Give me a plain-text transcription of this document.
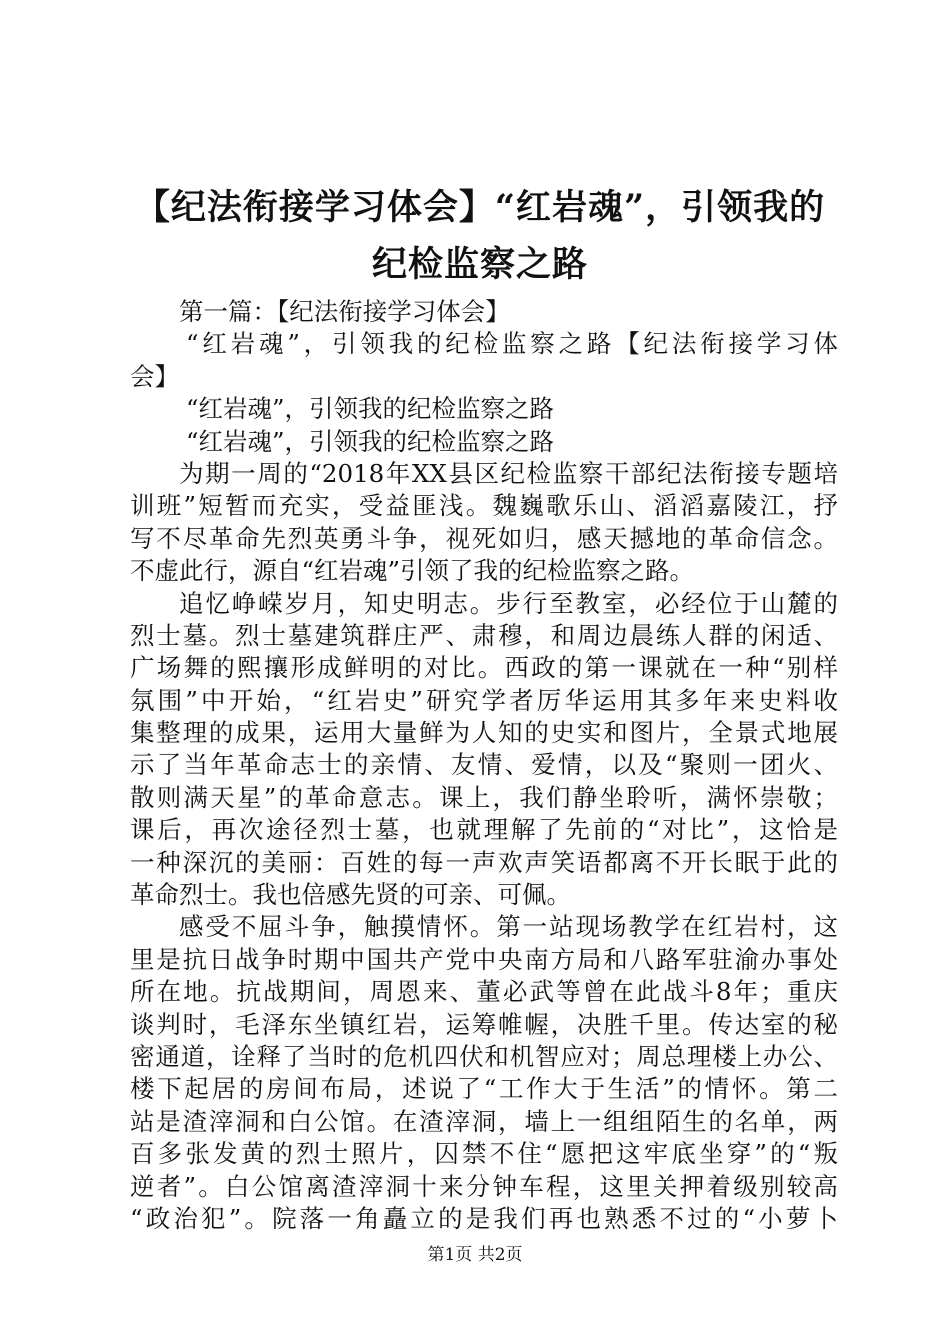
【纪法衔接学习体会】“红岩魂”，引领我的
纪检监察之路
第一篇：【纪法衔接学习体会】
“红岩魂”，引领我的纪检监察之路【纪法衔接学习体
会】
“红岩魂”，引领我的纪检监察之路
“红岩魂”，引领我的纪检监察之路
为期一周的“2018年XX县区纪检监察干部纪法衔接专题培
训班”短暂而充实，受益匪浅。魏巍歌乐山、滔滔嘉陵江，抒
写不尽革命先烈英勇斗争，视死如归，感天撼地的革命信念。
不虚此行，源自“红岩魂”引领了我的纪检监察之路。
追忆峥嵘岁月，知史明志。步行至教室，必经位于山麓的
烈士墓。烈士墓建筑群庄严、肃穆，和周边晨练人群的闲适、
广场舞的熙攘形成鲜明的对比。西政的第一课就在一种“别样
氛围”中开始，“红岩史”研究学者厉华运用其多年来史料收
集整理的成果，运用大量鲜为人知的史实和图片，全景式地展
示了当年革命志士的亲情、友情、爱情，以及“聚则一团火、
散则满天星”的革命意志。课上，我们静坐聆听，满怀崇敬；
课后，再次途径烈士墓，也就理解了先前的“对比”，这恰是
一种深沉的美丽：百姓的每一声欢声笑语都离不开长眠于此的
革命烈士。我也倍感先贤的可亲、可佩。
感受不屈斗争，触摸情怀。第一站现场教学在红岩村，这
里是抗日战争时期中国共产党中央南方局和八路军驻渝办事处
所在地。抗战期间，周恩来、董必武等曾在此战斗8年；重庆
谈判时，毛泽东坐镇红岩，运筹帷幄，决胜千里。传达室的秘
密通道，诠释了当时的危机四伏和机智应对；周总理楼上办公、
楼下起居的房间布局，述说了“工作大于生活”的情怀。第二
站是渣滓洞和白公馆。在渣滓洞，墙上一组组陌生的名单，两
百多张发黄的烈士照片，囚禁不住“愿把这牢底坐穿”的“叛
逆者”。白公馆离渣滓洞十来分钟车程，这里关押着级别较高
“政治犯”。院落一角矗立的是我们再也熟悉不过的“小萝卜
第1页 共2页
